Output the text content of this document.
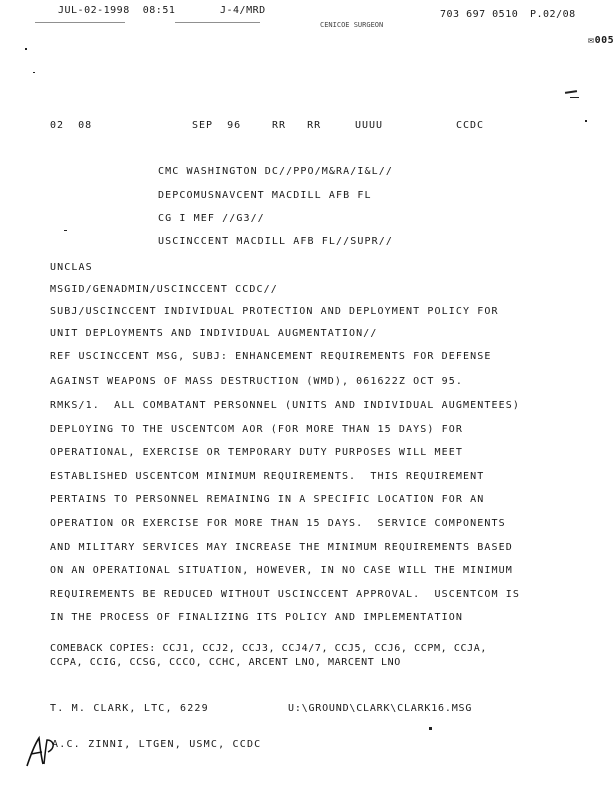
JUL-02-1998  08:51	J-4/MRD
CENICOE SURGEON
703 697 0510 P.02/08

✉005

02  08	SEP  96	RR   RR	UUUU	CCDC
CMC WASHINGTON DC//PPO/M&RA/I&L//
DEPCOMUSNAVCENT MACDILL AFB FL
CG I MEF //G3//
USCINCCENT MACDILL AFB FL//SUPR//
UNCLAS
MSGID/GENADMIN/USCINCCENT CCDC//
SUBJ/USCINCCENT INDIVIDUAL PROTECTION AND DEPLOYMENT POLICY FOR
UNIT DEPLOYMENTS AND INDIVIDUAL AUGMENTATION//
REF USCINCCENT MSG, SUBJ: ENHANCEMENT REQUIREMENTS FOR DEFENSE
AGAINST WEAPONS OF MASS DESTRUCTION (WMD), 061622Z OCT 95.
RMKS/1.  ALL COMBATANT PERSONNEL (UNITS AND INDIVIDUAL AUGMENTEES)
DEPLOYING TO THE USCENTCOM AOR (FOR MORE THAN 15 DAYS) FOR
OPERATIONAL, EXERCISE OR TEMPORARY DUTY PURPOSES WILL MEET
ESTABLISHED USCENTCOM MINIMUM REQUIREMENTS.  THIS REQUIREMENT
PERTAINS TO PERSONNEL REMAINING IN A SPECIFIC LOCATION FOR AN
OPERATION OR EXERCISE FOR MORE THAN 15 DAYS.  SERVICE COMPONENTS
AND MILITARY SERVICES MAY INCREASE THE MINIMUM REQUIREMENTS BASED
ON AN OPERATIONAL SITUATION, HOWEVER, IN NO CASE WILL THE MINIMUM
REQUIREMENTS BE REDUCED WITHOUT USCINCCENT APPROVAL.  USCENTCOM IS
IN THE PROCESS OF FINALIZING ITS POLICY AND IMPLEMENTATION
COMEBACK COPIES: CCJ1, CCJ2, CCJ3, CCJ4/7, CCJ5, CCJ6, CCPM, CCJA,
CCPA, CCIG, CCSG, CCCO, CCHC, ARCENT LNO, MARCENT LNO
T. M. CLARK, LTC, 6229	U:\GROUND\CLARK\CLARK16.MSG
A.C. ZINNI, LTGEN, USMC, CCDC
